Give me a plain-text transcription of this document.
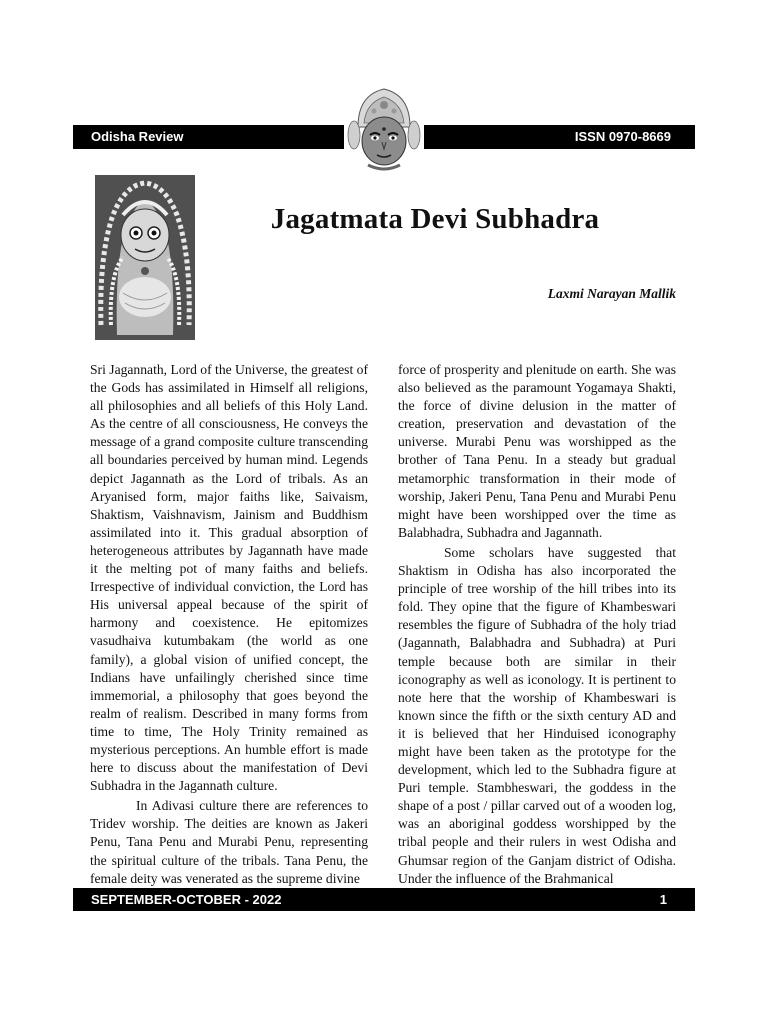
Odisha Review	ISSN 0970-8669
Jagatmata Devi Subhadra
Laxmi Narayan Mallik

Sri Jagannath, Lord of the Universe, the greatest of the Gods has assimilated in Himself all religions, all philosophies and all beliefs of this Holy Land. As the centre of all consciousness, He conveys the message of a grand composite culture transcending all boundaries perceived by human mind. Legends depict Jagannath as the Lord of tribals. As an Aryanised form, major faiths like, Saivaism, Shaktism, Vaishnavism, Jainism and Buddhism assimilated into it. This gradual absorption of heterogeneous attributes by Jagannath have made it the melting pot of many faiths and beliefs. Irrespective of individual conviction, the Lord has His universal appeal because of the spirit of harmony and coexistence. He epitomizes vasudhaiva kutumbakam (the world as one family), a global vision of unified concept, the Indians have unfailingly cherished since time immemorial, a philosophy that goes beyond the realm of realism. Described in many forms from time to time, The Holy Trinity remained as mysterious perceptions. An humble effort is made here to discuss about the manifestation of Devi Subhadra in the Jagannath culture.

In Adivasi culture there are references to Tridev worship. The deities are known as Jakeri Penu, Tana Penu and Murabi Penu, representing the spiritual culture of the tribals. Tana Penu, the female deity was venerated as the supreme divine

force of prosperity and plenitude on earth. She was also believed as the paramount Yogamaya Shakti, the force of divine delusion in the matter of creation, preservation and devastation of the universe. Murabi Penu was worshipped as the brother of Tana Penu. In a steady but gradual metamorphic transformation in their mode of worship, Jakeri Penu, Tana Penu and Murabi Penu might have been worshipped over the time as Balabhadra, Subhadra and Jagannath.

Some scholars have suggested that Shaktism in Odisha has also incorporated the principle of tree worship of the hill tribes into its fold. They opine that the figure of Khambeswari resembles the figure of Subhadra of the holy triad (Jagannath, Balabhadra and Subhadra) at Puri temple because both are similar in their iconography as well as iconology. It is pertinent to note here that the worship of Khambeswari is known since the fifth or the sixth century AD and it is believed that her Hinduised iconography might have been taken as the prototype for the development, which led to the Subhadra figure at Puri temple. Stambheswari, the goddess in the shape of a post / pillar carved out of a wooden log, was an aboriginal goddess worshipped by the tribal people and their rulers in west Odisha and Ghumsar region of the Ganjam district of Odisha. Under the influence of the Brahmanical

SEPTEMBER-OCTOBER - 2022	1
